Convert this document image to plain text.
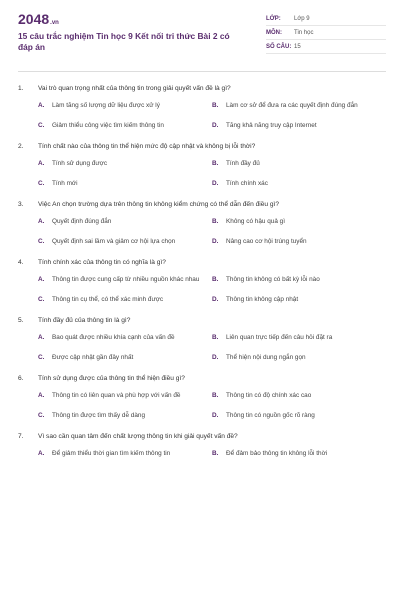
2048 .vn
15 câu trắc nghiệm Tin học 9 Kết nối tri thức Bài 2 có đáp án
LỚP:	Lớp 9
MÔN:	Tin học
SỐ CÂU: 15
1.	Vai trò quan trọng nhất của thông tin trong giải quyết vấn đề là gì?
A.	Làm tăng số lượng dữ liệu được xử lý	B.	Làm cơ sở để đưa ra các quyết định đúng đắn
C.	Giảm thiểu công việc tìm kiếm thông tin	D.	Tăng khả năng truy cập Internet
2.	Tính chất nào của thông tin thể hiện mức độ cập nhật và không bị lỗi thời?
A.	Tính sử dụng được	B.	Tính đầy đủ
C.	Tính mới	D.	Tính chính xác
3.	Việc An chọn trường dựa trên thông tin không kiểm chứng có thể dẫn đến điều gì?
A.	Quyết định đúng đắn	B.	Không có hậu quả gì
C.	Quyết định sai lầm và giảm cơ hội lựa chọn	D.	Nâng cao cơ hội trúng tuyển
4.	Tính chính xác của thông tin có nghĩa là gì?
A.	Thông tin được cung cấp từ nhiều nguồn khác nhau	B.	Thông tin không có bất kỳ lỗi nào
C.	Thông tin cụ thể, có thể xác minh được	D.	Thông tin không cập nhật
5.	Tính đầy đủ của thông tin là gì?
A.	Bao quát được nhiều khía cạnh của vấn đề	B.	Liên quan trực tiếp đến câu hỏi đặt ra
C.	Được cập nhật gần đây nhất	D.	Thể hiện nội dung ngắn gọn
6.	Tính sử dụng được của thông tin thể hiện điều gì?
A.	Thông tin có liên quan và phù hợp với vấn đề	B.	Thông tin có độ chính xác cao
C.	Thông tin được tìm thấy dễ dàng	D.	Thông tin có nguồn gốc rõ ràng
7.	Vì sao cần quan tâm đến chất lượng thông tin khi giải quyết vấn đề?
A.	Để giảm thiểu thời gian tìm kiếm thông tin	B.	Để đảm bảo thông tin không lỗi thời
